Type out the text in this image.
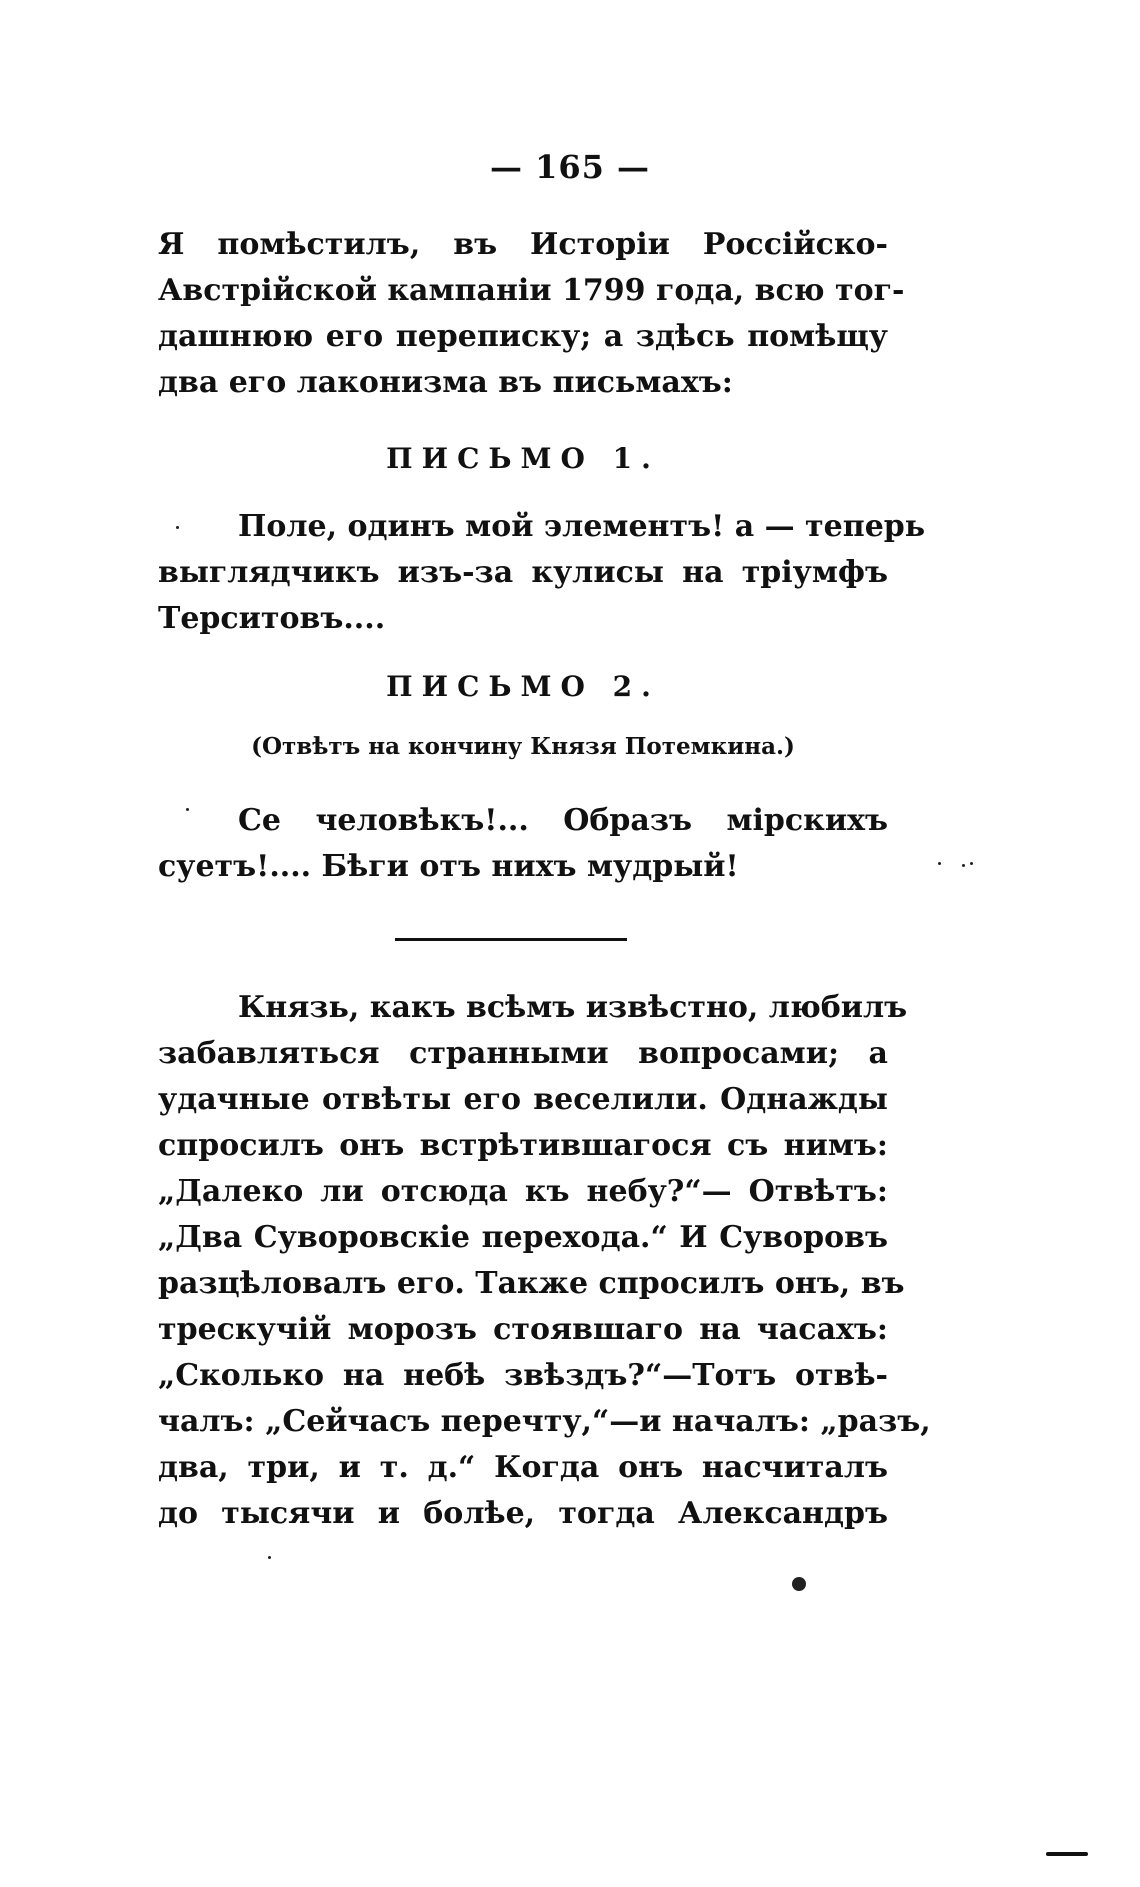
— 165 —
Я помѣстилъ, въ Исторіи Россійско-
Австрійской кампаніи 1799 года, всю тог-
дашнюю его переписку; а здѣсь помѣщу
два его лаконизма въ письмахъ:
ПИСЬМО 1.
Поле, одинъ мой элементъ! а — теперь
выглядчикъ изъ-за кулисы на тріумфъ
Терситовъ....
ПИСЬМО 2.
(Отвѣтъ на кончину Князя Потемкина.)
Се человѣкъ!... Образъ мірскихъ
суетъ!.... Бѣги отъ нихъ мудрый!
Князь, какъ всѣмъ извѣстно, любилъ
забавляться странными вопросами; а
удачные отвѣты его веселили. Однажды
спросилъ онъ встрѣтившагося съ нимъ:
„Далеко ли отсюда къ небу?“— Отвѣтъ:
„Два Суворовскіе перехода.“ И Суворовъ
разцѣловалъ его. Также спросилъ онъ, въ
трескучій морозъ стоявшаго на часахъ:
„Сколько на небѣ звѣздъ?“—Тотъ отвѣ-
чалъ: „Сейчасъ перечту,“—и началъ: „разъ,
два, три, и т. д.“ Когда онъ насчиталъ
до тысячи и болѣе, тогда Александръ
